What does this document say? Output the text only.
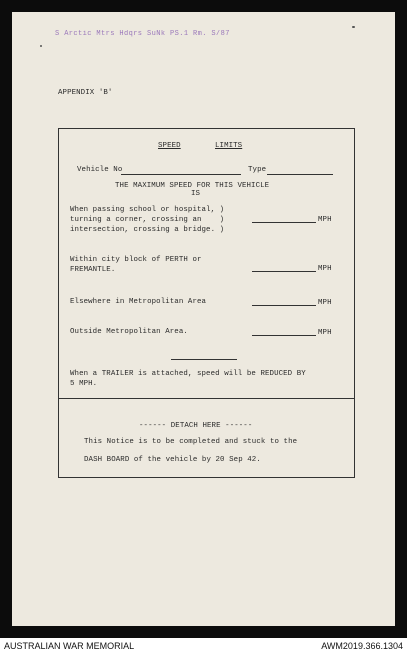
S Arctic Mtrs Hdqrs SuNk PS.1 Rm. S/87
APPENDIX 'B'
SPEED	LIMITS
Vehicle No	Type
THE MAXIMUM SPEED FOR THIS VEHICLE
IS
When passing school or hospital, )
turning a corner, crossing an    )
intersection, crossing a bridge. )
MPH
Within city block of PERTH or
FREMANTLE.	MPH
Elsewhere in Metropolitan Area	MPH
Outside Metropolitan Area.	MPH
When a TRAILER is attached, speed will be REDUCED BY
5 MPH.
------ DETACH HERE ------
This Notice is to be completed and stuck to the
DASH BOARD of the vehicle by 20 Sep 42.
AUSTRALIAN WAR MEMORIAL	AWM2019.366.1304
